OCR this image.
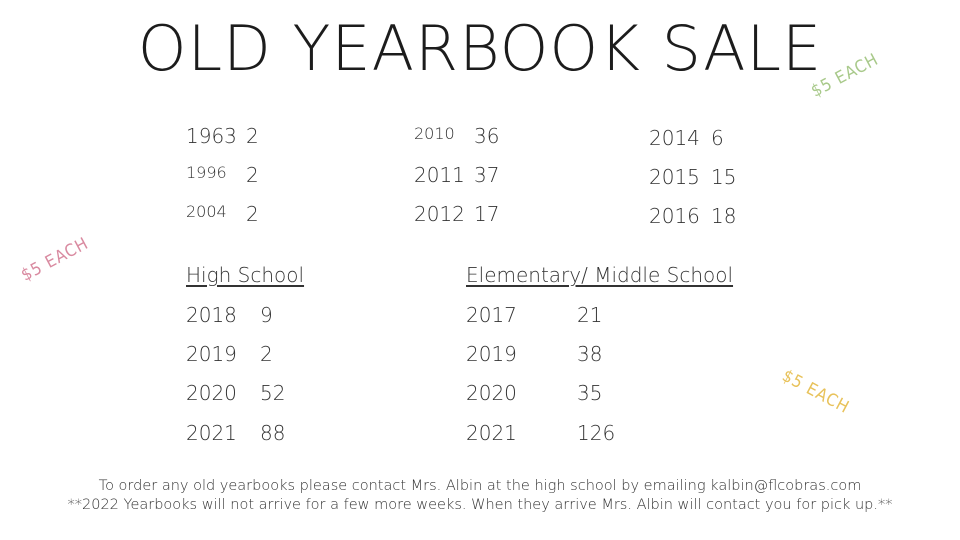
OLD YEARBOOK SALE
1963 2
1996 2
2004 2
2010 36
2011 37
2012 17
2014 6
2015 15
2016 18
High School
2018 9
2019 2
2020 52
2021 88
Elementary/ Middle School
2017	21
2019	38
2020	35
2021	126
$5 EACH
$5 EACH
$5 EACH
To order any old yearbooks please contact Mrs. Albin at the high school by emailing kalbin@flcobras.com
**2022 Yearbooks will not arrive for a few more weeks. When they arrive Mrs. Albin will contact you for pick up.**
